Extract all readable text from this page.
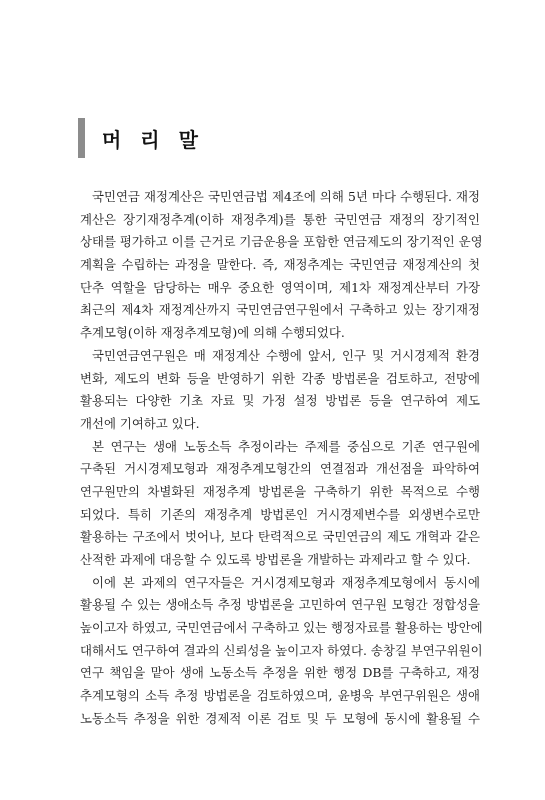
머 리 말
국민연금 재정계산은 국민연금법 제4조에 의해 5년 마다 수행된다. 재정
계산은 장기재정추계(이하 재정추계)를 통한 국민연금 재정의 장기적인
상태를 평가하고 이를 근거로 기금운용을 포함한 연금제도의 장기적인 운영
계획을 수립하는 과정을 말한다. 즉, 재정추계는 국민연금 재정계산의 첫
단추 역할을 담당하는 매우 중요한 영역이며, 제1차 재정계산부터 가장
최근의 제4차 재정계산까지 국민연금연구원에서 구축하고 있는 장기재정
추계모형(이하 재정추계모형)에 의해 수행되었다.
국민연금연구원은 매 재정계산 수행에 앞서, 인구 및 거시경제적 환경
변화, 제도의 변화 등을 반영하기 위한 각종 방법론을 검토하고, 전망에
활용되는 다양한 기초 자료 및 가정 설정 방법론 등을 연구하여 제도
개선에 기여하고 있다.
본 연구는 생애 노동소득 추정이라는 주제를 중심으로 기존 연구원에
구축된 거시경제모형과 재정추계모형간의 연결점과 개선점을 파악하여
연구원만의 차별화된 재정추계 방법론을 구축하기 위한 목적으로 수행
되었다. 특히 기존의 재정추계 방법론인 거시경제변수를 외생변수로만
활용하는 구조에서 벗어나, 보다 탄력적으로 국민연금의 제도 개혁과 같은
산적한 과제에 대응할 수 있도록 방법론을 개발하는 과제라고 할 수 있다.
이에 본 과제의 연구자들은 거시경제모형과 재정추계모형에서 동시에
활용될 수 있는 생애소득 추정 방법론을 고민하여 연구원 모형간 정합성을
높이고자 하였고, 국민연금에서 구축하고 있는 행정자료를 활용하는 방안에
대해서도 연구하여 결과의 신뢰성을 높이고자 하였다. 송창길 부연구위원이
연구 책임을 맡아 생애 노동소득 추정을 위한 행정 DB를 구축하고, 재정
추계모형의 소득 추정 방법론을 검토하였으며, 윤병욱 부연구위원은 생애
노동소득 추정을 위한 경제적 이론 검토 및 두 모형에 동시에 활용될 수
